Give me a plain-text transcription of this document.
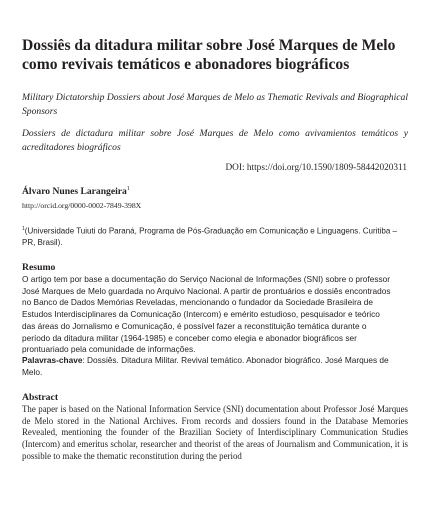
Dossiês da ditadura militar sobre José Marques de Melo como revivais temáticos e abonadores biográficos

Military Dictatorship Dossiers about José Marques de Melo as Thematic Revivals and Biographical Sponsors

Dossiers de dictadura militar sobre José Marques de Melo como avivamientos temáticos y acreditadores biográficos

DOI: https://doi.org/10.1590/1809-58442020311
Álvaro Nunes Larangeira$^1$
http://orcid.org/0000-0002-7849-398X

$^1$(Universidade Tuiuti do Paraná, Programa de Pós-Graduação em Comunicação e Linguagens. Curitiba – PR, Brasil).

Resumo

O artigo tem por base a documentação do Serviço Nacional de Informações (SNI) sobre o professor José Marques de Melo guardada no Arquivo Nacional. A partir de prontuários e dossiês encontrados no Banco de Dados Memórias Reveladas, mencionando o fundador da Sociedade Brasileira de Estudos Interdisciplinares da Comunicação (Intercom) e emérito estudioso, pesquisador e teórico das áreas do Jornalismo e Comunicação, é possível fazer a reconstituição temática durante o período da ditadura militar (1964-1985) e conceber como elegia e abonador biográficos ser prontuariado pela comunidade de informações.

Palavras-chave: Dossiês. Ditadura Militar. Revival temático. Abonador biográfico. José Marques de Melo.

Abstract

The paper is based on the National Information Service (SNI) documentation about Professor José Marques de Melo stored in the National Archives. From records and dossiers found in the Database Memories Revealed, mentioning the founder of the Brazilian Society of Interdisciplinary Communication Studies (Intercom) and emeritus scholar, researcher and theorist of the areas of Journalism and Communication, it is possible to make the thematic reconstitution during the period
